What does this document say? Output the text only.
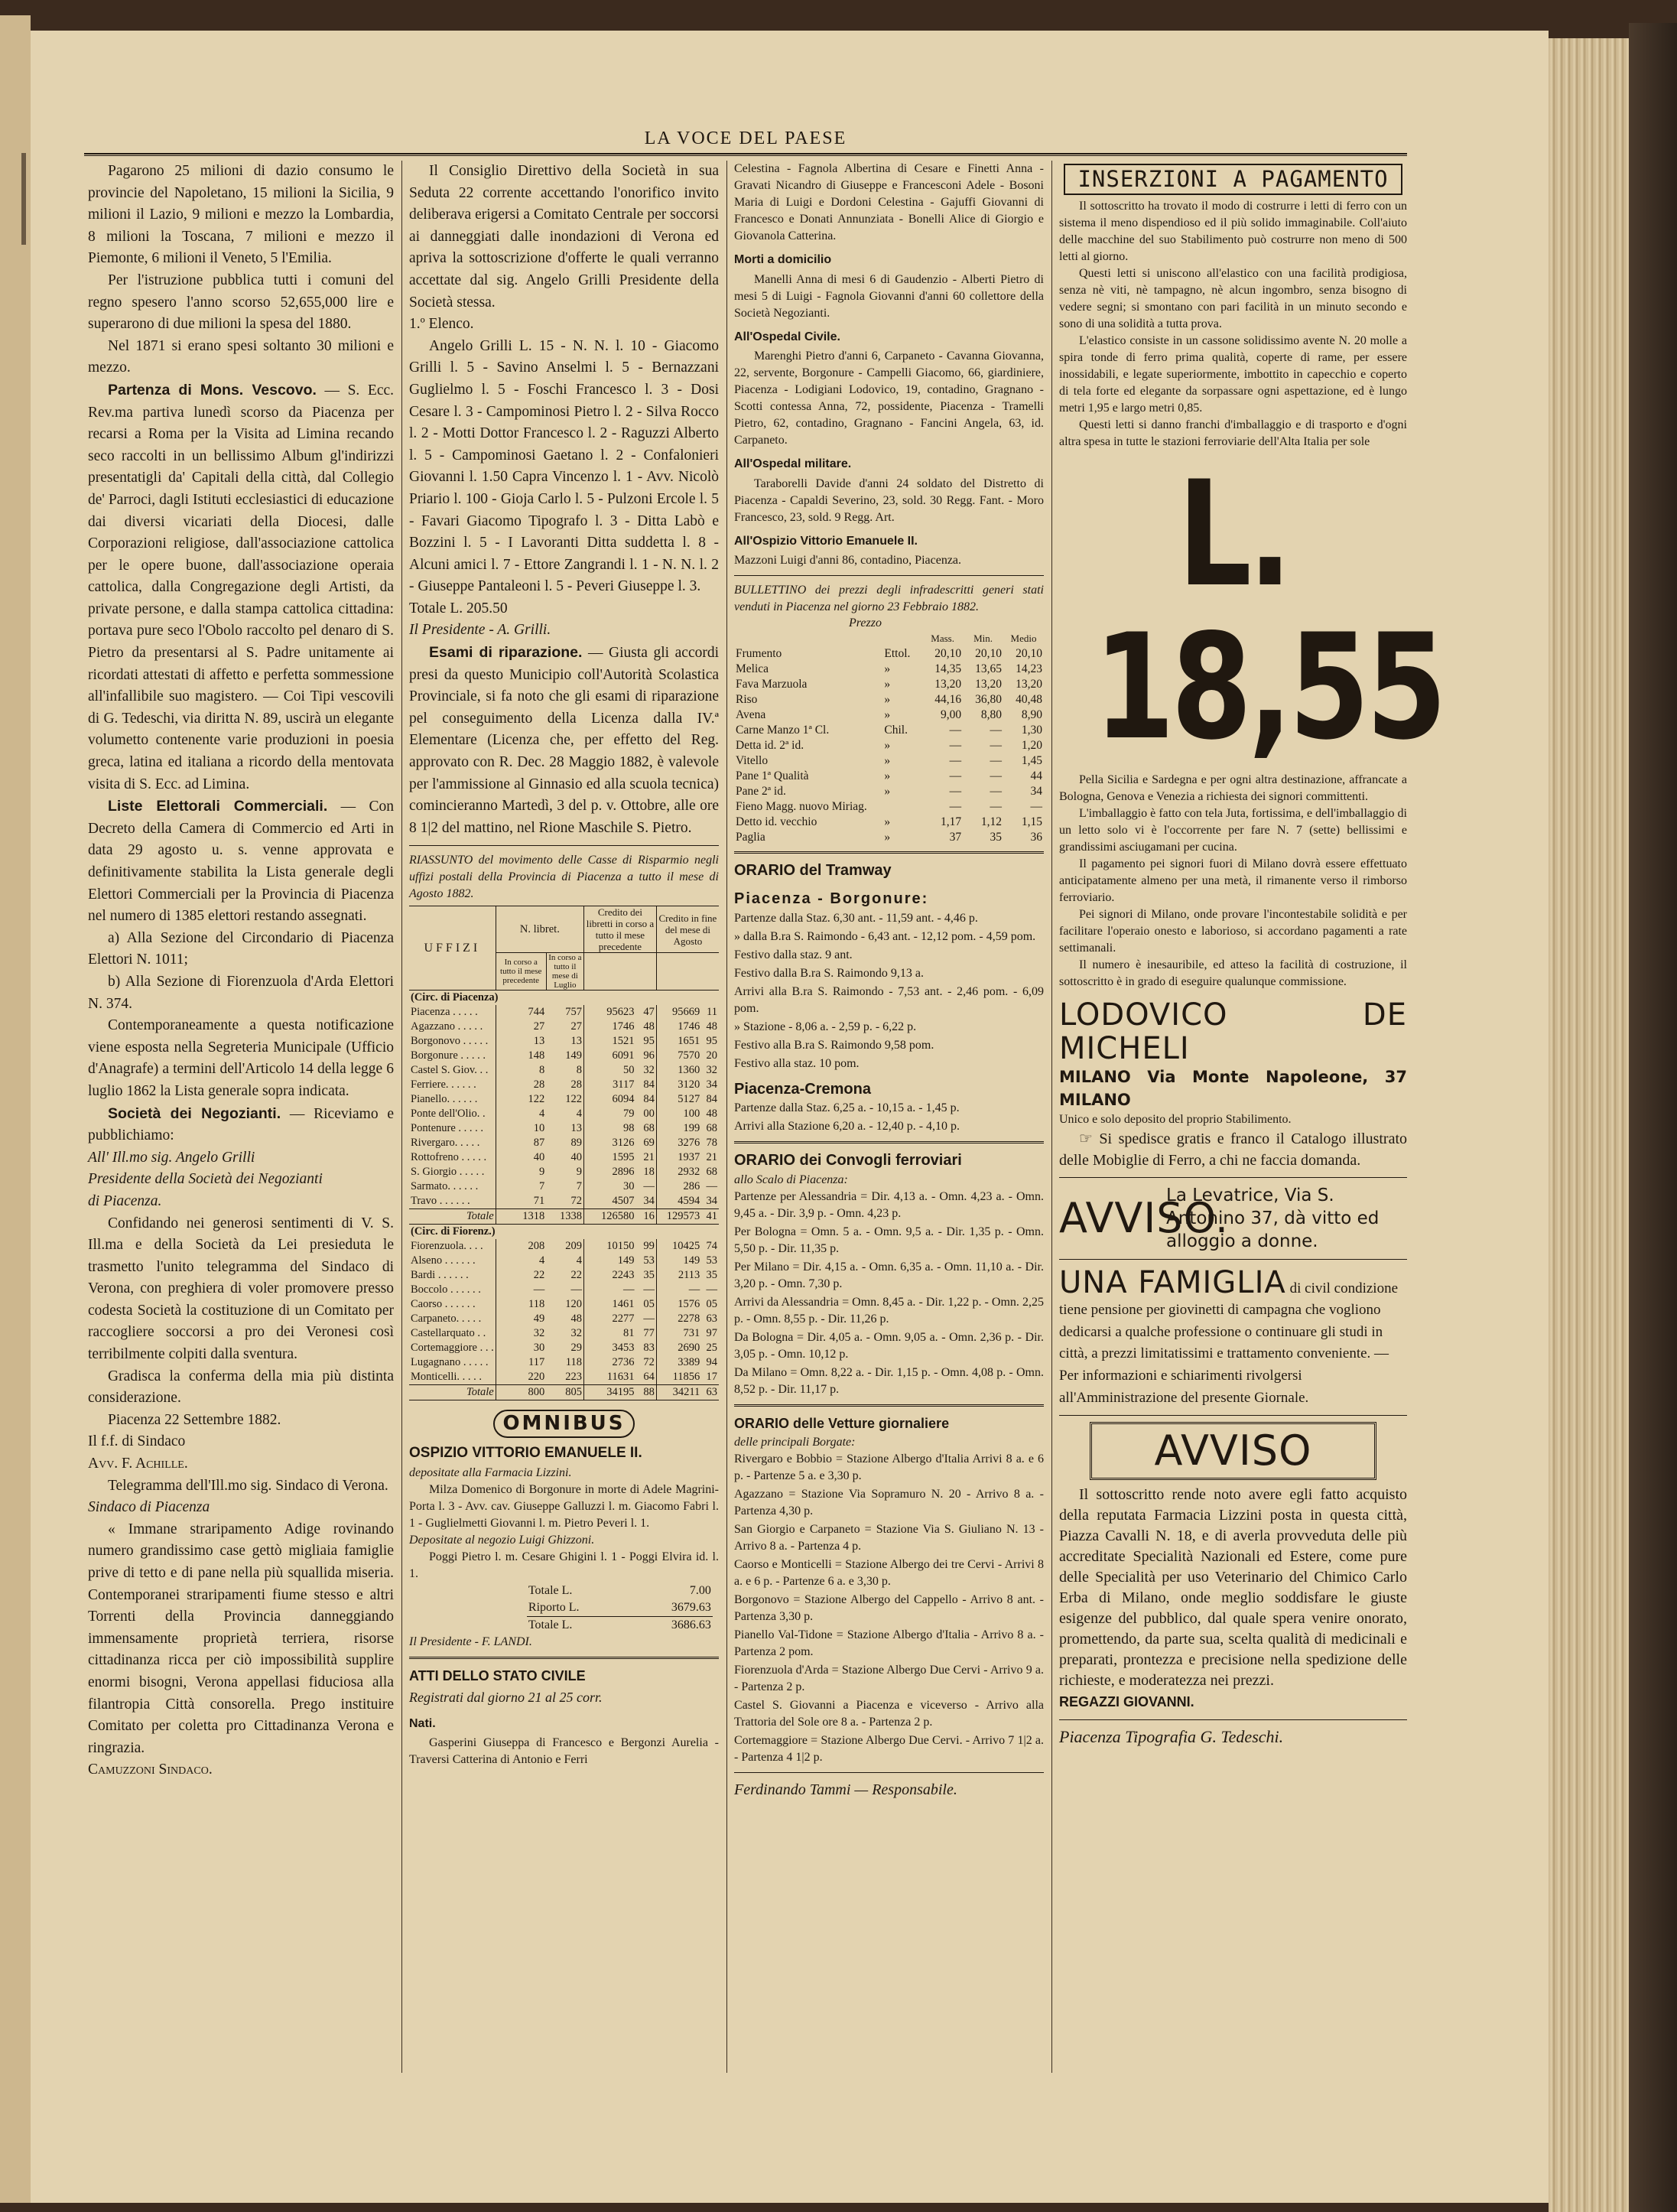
LA VOCE DEL PAESE

Pagarono 25 milioni di dazio consumo le provincie del Napoletano, 15 milioni la Sicilia, 9 milioni il Lazio, 9 milioni e mezzo la Lombardia, 8 milioni la Toscana, 7 milioni e mezzo il Piemonte, 6 milioni il Veneto, 5 l'Emilia.

Per l'istruzione pubblica tutti i comuni del regno spesero l'anno scorso 52,655,000 lire e superarono di due milioni la spesa del 1880.

Nel 1871 si erano spesi soltanto 30 milioni e mezzo.

Partenza di Mons. Vescovo. — S. Ecc. Rev.ma partiva lunedì scorso da Piacenza per recarsi a Roma per la Visita ad Limina recando seco raccolti in un bellissimo Album gl'indirizzi presentatigli da' Capitali della città, dal Collegio de' Parroci, dagli Istituti ecclesiastici di educazione dai diversi vicariati della Diocesi, dalle Corporazioni religiose, dall'associazione cattolica per le opere buone, dall'associazione operaia cattolica, dalla Congregazione degli Artisti, da private persone, e dalla stampa cattolica cittadina: portava pure seco l'Obolo raccolto pel denaro di S. Pietro da presentarsi al S. Padre unitamente ai ricordati attestati di affetto e perfetta sommessione all'infallibile suo magistero. — Coi Tipi vescovili di G. Tedeschi, via diritta N. 89, uscirà un elegante volumetto contenente varie produzioni in poesia greca, latina ed italiana a ricordo della mentovata visita di S. Ecc. ad Limina.

Liste Elettorali Commerciali. — Con Decreto della Camera di Commercio ed Arti in data 29 agosto u. s. venne approvata e definitivamente stabilita la Lista generale degli Elettori Commerciali per la Provincia di Piacenza nel numero di 1385 elettori restando assegnati.

a) Alla Sezione del Circondario di Piacenza Elettori N. 1011;

b) Alla Sezione di Fiorenzuola d'Arda Elettori N. 374.

Contemporaneamente a questa notificazione viene esposta nella Segreteria Municipale (Ufficio d'Anagrafe) a termini dell'Articolo 14 della legge 6 luglio 1862 la Lista generale sopra indicata.

Società dei Negozianti. — Riceviamo e pubblichiamo:

All' Ill.mo sig. Angelo Grilli

Presidente della Società dei Negozianti

di Piacenza.

Confidando nei generosi sentimenti di V. S. Ill.ma e della Società da Lei presieduta le trasmetto l'unito telegramma del Sindaco di Verona, con preghiera di voler promovere presso codesta Società la costituzione di un Comitato per raccogliere soccorsi a pro dei Veronesi così terribilmente colpiti dalla sventura.

Gradisca la conferma della mia più distinta considerazione.

Piacenza 22 Settembre 1882.

Il f.f. di Sindaco

Avv. F. Achille.

Telegramma dell'Ill.mo sig. Sindaco di Verona.

Sindaco di Piacenza

« Immane straripamento Adige rovinando numero grandissimo case gettò migliaia famiglie prive di tetto e di pane nella più squallida miseria. Contemporanei straripamenti fiume stesso e altri Torrenti della Provincia danneggiando immensamente proprietà terriera, risorse cittadinanza ricca per ciò impossibilità supplire enormi bisogni, Verona appellasi fiduciosa alla filantropia Città consorella. Prego instituire Comitato per coletta pro Cittadinanza Verona e ringrazia.

Camuzzoni Sindaco.

Il Consiglio Direttivo della Società in sua Seduta 22 corrente accettando l'onorifico invito deliberava erigersi a Comitato Centrale per soccorsi ai danneggiati dalle inondazioni di Verona ed apriva la sottoscrizione d'offerte le quali verranno accettate dal sig. Angelo Grilli Presidente della Società stessa.

1.º Elenco.

Angelo Grilli L. 15 - N. N. l. 10 - Giacomo Grilli l. 5 - Savino Anselmi l. 5 - Bernazzani Guglielmo l. 5 - Foschi Francesco l. 3 - Dosi Cesare l. 3 - Campominosi Pietro l. 2 - Silva Rocco l. 2 - Motti Dottor Francesco l. 2 - Raguzzi Alberto l. 5 - Campominosi Gaetano l. 2 - Confalonieri Giovanni l. 1.50 Capra Vincenzo l. 1 - Avv. Nicolò Priario l. 100 - Gioja Carlo l. 5 - Pulzoni Ercole l. 5 - Favari Giacomo Tipografo l. 3 - Ditta Labò e Bozzini l. 5 - I Lavoranti Ditta suddetta l. 8 - Alcuni amici l. 7 - Ettore Zangrandi l. 1 - N. N. l. 2 - Giuseppe Pantaleoni l. 5 - Peveri Giuseppe l. 3.

Totale L. 205.50

Il Presidente - A. Grilli.

Esami di riparazione. — Giusta gli accordi presi da questo Municipio coll'Autorità Scolastica Provinciale, si fa noto che gli esami di riparazione pel conseguimento della Licenza dalla IV.ª Elementare (Licenza che, per effetto del Reg. approvato con R. Dec. 28 Maggio 1882, è valevole per l'ammissione al Ginnasio ed alla scuola tecnica) comincieranno Martedì, 3 del p. v. Ottobre, alle ore 8 1|2 del mattino, nel Rione Maschile S. Pietro.

RIASSUNTO del movimento delle Casse di Risparmio negli uffizi postali della Provincia di Piacenza a tutto il mese di Agosto 1882.

UFFIZI	N. libret.		Credito dei libretti in corso a tutto il mese precedente		Credito in fine del mese di Agosto	
	In corso a tutto il mese precedente	In corso a tutto il mese di Luglio				
(Circ. di Piacenza)						
Piacenza . . . . .	744	757	95623	47	95669	11
Agazzano . . . . .	27	27	1746	48	1746	48
Borgonovo . . . . .	13	13	1521	95	1651	95
Borgonure . . . . .	148	149	6091	96	7570	20
Castel S. Giov. . .	8	8	50	32	1360	32
Ferriere. . . . . .	28	28	3117	84	3120	34
Pianello. . . . . .	122	122	6094	84	5127	84
Ponte dell'Olio. .	4	4	79	00	100	48
Pontenure . . . . .	10	13	98	68	199	68
Rivergaro. . . . .	87	89	3126	69	3276	78
Rottofreno . . . . .	40	40	1595	21	1937	21
S. Giorgio . . . . .	9	9	2896	18	2932	68
Sarmato. . . . . .	7	7	30	—	286	—
Travo . . . . . .	71	72	4507	34	4594	34
Totale	1318	1338	126580	16	129573	41
(Circ. di Fiorenz.)						
Fiorenzuola. . . .	208	209	10150	99	10425	74
Alseno . . . . . .	4	4	149	53	149	53
Bardi . . . . . .	22	22	2243	35	2113	35
Boccolo . . . . . .	—	—	—	—	—	—
Caorso . . . . . .	118	120	1461	05	1576	05
Carpaneto. . . . .	49	48	2277	—	2278	63
Castellarquato . .	32	32	81	77	731	97
Cortemaggiore . . .	30	29	3453	83	2690	25
Lugagnano . . . . .	117	118	2736	72	3389	94
Monticelli. . . . .	220	223	11631	64	11856	17
Totale	800	805	34195	88	34211	63
OMNIBUS

OSPIZIO VITTORIO EMANUELE II.

depositate alla Farmacia Lizzini.

Milza Domenico di Borgonure in morte di Adele Magrini-Porta l. 3 - Avv. cav. Giuseppe Galluzzi l. m. Giacomo Fabri l. 1 - Guglielmetti Giovanni l. m. Pietro Peveri l. 1.

Depositate al negozio Luigi Ghizzoni.

Poggi Pietro l. m. Cesare Ghigini l. 1 - Poggi Elvira id. l. 1.

Totale L.	7.00
Riporto L.	3679.63
Totale L.	3686.63

Il Presidente - F. LANDI.

ATTI DELLO STATO CIVILE

Registrati dal giorno 21 al 25 corr.

Nati.

Gasperini Giuseppa di Francesco e Bergonzi Aurelia - Traversi Catterina di Antonio e Ferri

Celestina - Fagnola Albertina di Cesare e Finetti Anna - Gravati Nicandro di Giuseppe e Francesconi Adele - Bosoni Maria di Luigi e Dordoni Celestina - Gajuffi Giovanni di Francesco e Donati Annunziata - Bonelli Alice di Giorgio e Giovanola Catterina.

Morti a domicilio

Manelli Anna di mesi 6 di Gaudenzio - Alberti Pietro di mesi 5 di Luigi - Fagnola Giovanni d'anni 60 collettore della Società Negozianti.

All'Ospedal Civile.

Marenghi Pietro d'anni 6, Carpaneto - Cavanna Giovanna, 22, servente, Borgonure - Campelli Giacomo, 66, giardiniere, Piacenza - Lodigiani Lodovico, 19, contadino, Gragnano - Scotti contessa Anna, 72, possidente, Piacenza - Tramelli Pietro, 62, contadino, Gragnano - Fancini Angela, 63, id. Carpaneto.

All'Ospedal militare.

Taraborelli Davide d'anni 24 soldato del Distretto di Piacenza - Capaldi Severino, 23, sold. 30 Regg. Fant. - Moro Francesco, 23, sold. 9 Regg. Art.

All'Ospizio Vittorio Emanuele II.

Mazzoni Luigi d'anni 86, contadino, Piacenza.

BULLETTINO dei prezzi degli infradescritti generi stati venduti in Piacenza nel giorno 23 Febbraio 1882.

Prezzo

		Mass.	Min.	Medio
Frumento	Ettol.	20,10	20,10	20,10
Melica	»	14,35	13,65	14,23
Fava Marzuola	»	13,20	13,20	13,20
Riso	»	44,16	36,80	40,48
Avena	»	9,00	8,80	8,90
Carne Manzo 1ª Cl.	Chil.	—	—	1,30
Detta id. 2ª id.	»	—	—	1,20
Vitello	»	—	—	1,45
Pane 1ª Qualità	»	—	—	44
Pane 2ª id.	»	—	—	34
Fieno Magg. nuovo Miriag.		—	—	—
Detto id. vecchio	»	1,17	1,12	1,15
Paglia	»	37	35	36

ORARIO del Tramway

Piacenza - Borgonure:

Partenze dalla Staz. 6,30 ant. - 11,59 ant. - 4,46 p.

» dalla B.ra S. Raimondo - 6,43 ant. - 12,12 pom. - 4,59 pom.

Festivo dalla staz. 9 ant.

Festivo dalla B.ra S. Raimondo 9,13 a.

Arrivi alla B.ra S. Raimondo - 7,53 ant. - 2,46 pom. - 6,09 pom.

» Stazione - 8,06 a. - 2,59 p. - 6,22 p.

Festivo alla B.ra S. Raimondo 9,58 pom.

Festivo alla staz. 10 pom.

Piacenza-Cremona

Partenze dalla Staz. 6,25 a. - 10,15 a. - 1,45 p.

Arrivi alla Stazione 6,20 a. - 12,40 p. - 4,10 p.

ORARIO dei Convogli ferroviari

allo Scalo di Piacenza:

Partenze per Alessandria = Dir. 4,13 a. - Omn. 4,23 a. - Omn. 9,45 a. - Dir. 3,9 p. - Omn. 4,23 p.

Per Bologna = Omn. 5 a. - Omn. 9,5 a. - Dir. 1,35 p. - Omn. 5,50 p. - Dir. 11,35 p.

Per Milano = Dir. 4,15 a. - Omn. 6,35 a. - Omn. 11,10 a. - Dir. 3,20 p. - Omn. 7,30 p.

Arrivi da Alessandria = Omn. 8,45 a. - Dir. 1,22 p. - Omn. 2,25 p. - Omn. 8,55 p. - Dir. 11,26 p.

Da Bologna = Dir. 4,05 a. - Omn. 9,05 a. - Omn. 2,36 p. - Dir. 3,05 p. - Omn. 10,12 p.

Da Milano = Omn. 8,22 a. - Dir. 1,15 p. - Omn. 4,08 p. - Omn. 8,52 p. - Dir. 11,17 p.

ORARIO delle Vetture giornaliere

delle principali Borgate:

Rivergaro e Bobbio = Stazione Albergo d'Italia Arrivi 8 a. e 6 p. - Partenze 5 a. e 3,30 p.

Agazzano = Stazione Via Sopramuro N. 20 - Arrivo 8 a. - Partenza 4,30 p.

San Giorgio e Carpaneto = Stazione Via S. Giuliano N. 13 - Arrivo 8 a. - Partenza 4 p.

Caorso e Monticelli = Stazione Albergo dei tre Cervi - Arrivi 8 a. e 6 p. - Partenze 6 a. e 3,30 p.

Borgonovo = Stazione Albergo del Cappello - Arrivo 8 ant. - Partenza 3,30 p.

Pianello Val-Tidone = Stazione Albergo d'Italia - Arrivo 8 a. - Partenza 2 pom.

Fiorenzuola d'Arda = Stazione Albergo Due Cervi - Arrivo 9 a. - Partenza 2 p.

Castel S. Giovanni a Piacenza e viceverso - Arrivo alla Trattoria del Sole ore 8 a. - Partenza 2 p.

Cortemaggiore = Stazione Albergo Due Cervi. - Arrivo 7 1|2 a. - Partenza 4 1|2 p.

Ferdinando Tammi — Responsabile.

INSERZIONI A PAGAMENTO

Il sottoscritto ha trovato il modo di costrurre i letti di ferro con un sistema il meno dispendioso ed il più solido immaginabile. Coll'aiuto delle macchine del suo Stabilimento può costrurre non meno di 500 letti al giorno.

Questi letti si uniscono all'elastico con una facilità prodigiosa, senza nè viti, nè tampagno, nè alcun ingombro, senza bisogno di vedere segni; si smontano con pari facilità in un minuto secondo e sono di una solidità a tutta prova.

L'elastico consiste in un cassone solidissimo avente N. 20 molle a spira tonde di ferro prima qualità, coperte di rame, per essere inossidabili, e legate superiormente, imbottito in capecchio e coperto di tela forte ed elegante da sorpassare ogni aspettazione, ed è lungo metri 1,95 e largo metri 0,85.

Questi letti si danno franchi d'imballaggio e di trasporto e d'ogni altra spesa in tutte le stazioni ferroviarie dell'Alta Italia per sole

L. 18,55

Pella Sicilia e Sardegna e per ogni altra destinazione, affrancate a Bologna, Genova e Venezia a richiesta dei signori committenti.

L'imballaggio è fatto con tela Juta, fortissima, e dell'imballaggio di un letto solo vi è l'occorrente per fare N. 7 (sette) bellissimi e grandissimi asciugamani per cucina.

Il pagamento pei signori fuori di Milano dovrà essere effettuato anticipatamente almeno per una metà, il rimanente verso il rimborso ferroviario.

Pei signori di Milano, onde provare l'incontestabile solidità e per facilitare l'operaio onesto e laborioso, si accordano pagamenti a rate settimanali.

Il numero è inesauribile, ed atteso la facilità di costruzione, il sottoscritto è in grado di eseguire qualunque commissione.

LODOVICO DE MICHELI

MILANO Via Monte Napoleone, 37 MILANO

Unico e solo deposito del proprio Stabilimento.

☞ Si spedisce gratis e franco il Catalogo illustrato delle Mobiglie di Ferro, a chi ne faccia domanda.

AVVISO.
La Levatrice, Via S. Antonino 37, dà vitto ed alloggio a donne.

UNA FAMIGLIA di civil condizione tiene pensione per giovinetti di campagna che vogliono dedicarsi a qualche professione o continuare gli studi in città, a prezzi limitatissimi e trattamento conveniente. — Per informazioni e schiarimenti rivolgersi all'Amministrazione del presente Giornale.
AVVISO

Il sottoscritto rende noto avere egli fatto acquisto della reputata Farmacia Lizzini posta in questa città, Piazza Cavalli N. 18, e di averla provveduta delle più accreditate Specialità Nazionali ed Estere, come pure delle Specialità per uso Veterinario del Chimico Carlo Erba di Milano, onde meglio soddisfare le giuste esigenze del pubblico, dal quale spera venire onorato, promettendo, da parte sua, scelta qualità di medicinali e preparati, prontezza e precisione nella spedizione delle richieste, e moderatezza nei prezzi.

REGAZZI GIOVANNI.

Piacenza Tipografia G. Tedeschi.
